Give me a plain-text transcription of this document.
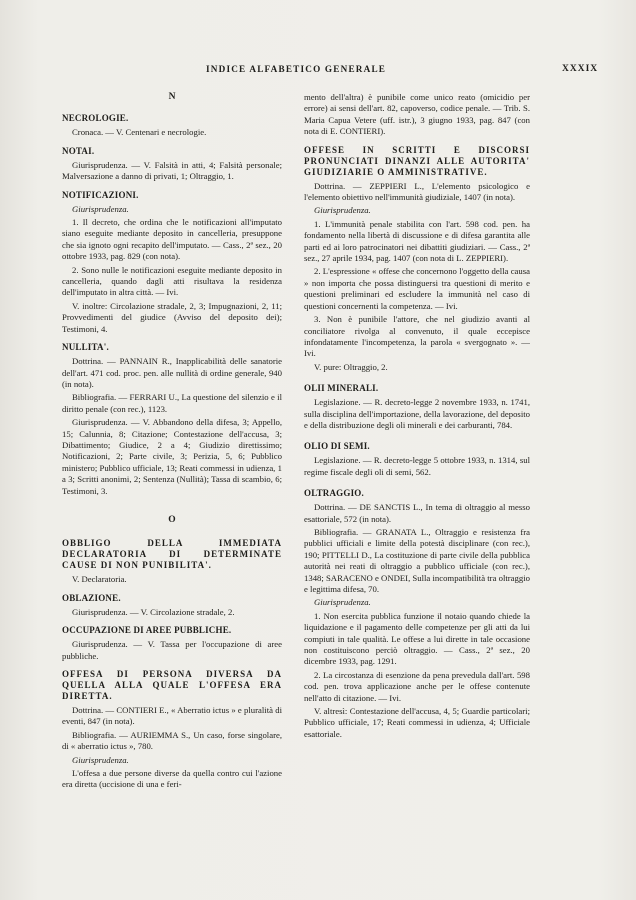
INDICE ALFABETICO GENERALE	XXXIX
N
NECROLOGIE.

Cronaca. — V. Centenari e necrologie.

NOTAI.

Giurisprudenza. — V. Falsità in atti, 4; Falsità personale; Malversazione a danno di privati, 1; Oltraggio, 1.

NOTIFICAZIONI.

Giurisprudenza.

1. Il decreto, che ordina che le notificazioni all'imputato siano eseguite mediante deposito in cancelleria, presuppone che sia ignoto ogni recapito dell'imputato. — Cass., 2ª sez., 20 ottobre 1933, pag. 829 (con nota).

2. Sono nulle le notificazioni eseguite mediante deposito in cancelleria, quando dagli atti risultava la residenza dell'imputato in altra città. — Ivi.

V. inoltre: Circolazione stradale, 2, 3; Impugnazioni, 2, 11; Provvedimenti del giudice (Avviso del deposito dei); Testimoni, 4.

NULLITA'.

Dottrina. — PANNAIN R., Inapplicabilità delle sanatorie dell'art. 471 cod. proc. pen. alle nullità di ordine generale, 940 (in nota).

Bibliografia. — FERRARI U., La questione del silenzio e il diritto penale (con rec.), 1123.

Giurisprudenza. — V. Abbandono della difesa, 3; Appello, 15; Calunnia, 8; Citazione; Contestazione dell'accusa, 3; Dibattimento; Giudice, 2 a 4; Giudizio direttissimo; Notificazioni, 2; Parte civile, 3; Perizia, 5, 6; Pubblico ministero; Pubblico ufficiale, 13; Reati commessi in udienza, 1 a 3; Scritti anonimi, 2; Sentenza (Nullità); Tassa di scambio, 6; Testimoni, 3.

O
OBBLIGO DELLA IMMEDIATA DECLARATORIA DI DETERMINATE CAUSE DI NON PUNIBILITA'.

V. Declaratoria.

OBLAZIONE.

Giurisprudenza. — V. Circolazione stradale, 2.

OCCUPAZIONE DI AREE PUBBLICHE.

Giurisprudenza. — V. Tassa per l'occupazione di aree pubbliche.

OFFESA DI PERSONA DIVERSA DA QUELLA ALLA QUALE L'OFFESA ERA DIRETTA.

Dottrina. — CONTIERI E., « Aberratio ictus » e pluralità di eventi, 847 (in nota).

Bibliografia. — AURIEMMA S., Un caso, forse singolare, di « aberratio ictus », 780.

Giurisprudenza.

L'offesa a due persone diverse da quella contro cui l'azione era diretta (uccisione di una e feri-

mento dell'altra) è punibile come unico reato (omicidio per errore) ai sensi dell'art. 82, capoverso, codice penale. — Trib. S. Maria Capua Vetere (uff. istr.), 3 giugno 1933, pag. 847 (con nota di E. CONTIERI).

OFFESE IN SCRITTI E DISCORSI PRONUNCIATI DINANZI ALLE AUTORITA' GIUDIZIARIE O AMMINISTRATIVE.

Dottrina. — ZEPPIERI L., L'elemento psicologico e l'elemento obiettivo nell'immunità giudiziale, 1407 (in nota).

Giurisprudenza.

1. L'immunità penale stabilita con l'art. 598 cod. pen. ha fondamento nella libertà di discussione e di difesa garantita alle parti ed ai loro patrocinatori nei dibattiti giudiziari. — Cass., 2ª sez., 27 aprile 1934, pag. 1407 (con nota di L. ZEPPIERI).

2. L'espressione « offese che concernono l'oggetto della causa » non importa che possa distinguersi tra questioni di merito e questioni preliminari ed escludere la immunità nel caso di questioni concernenti la competenza. — Ivi.

3. Non è punibile l'attore, che nel giudizio avanti al conciliatore rivolga al convenuto, il quale eccepisce infondatamente l'incompetenza, la parola « svergognato ». — Ivi.

V. pure: Oltraggio, 2.

OLII MINERALI.

Legislazione. — R. decreto-legge 2 novembre 1933, n. 1741, sulla disciplina dell'importazione, della lavorazione, del deposito e della distribuzione degli oli minerali e dei carburanti, 784.

OLIO DI SEMI.

Legislazione. — R. decreto-legge 5 ottobre 1933, n. 1314, sul regime fiscale degli oli di semi, 562.

OLTRAGGIO.

Dottrina. — DE SANCTIS L., In tema di oltraggio al messo esattoriale, 572 (in nota).

Bibliografia. — GRANATA L., Oltraggio e resistenza fra pubblici ufficiali e limite della potestà disciplinare (con rec.), 190; PITTELLI D., La costituzione di parte civile della pubblica autorità nei reati di oltraggio a pubblico ufficiale (con rec.), 1348; SARACENO e ONDEI, Sulla incompatibilità tra oltraggio e legittima difesa, 70.

Giurisprudenza.

1. Non esercita pubblica funzione il notaio quando chiede la liquidazione e il pagamento delle competenze per gli atti da lui compiuti in tale qualità. Le offese a lui dirette in tale occasione non costituiscono perciò oltraggio. — Cass., 2ª sez., 20 dicembre 1933, pag. 1291.

2. La circostanza di esenzione da pena prevedula dall'art. 598 cod. pen. trova applicazione anche per le offese contenute nell'atto di citazione. — Ivi.

V. altresì: Contestazione dell'accusa, 4, 5; Guardie particolari; Pubblico ufficiale, 17; Reati commessi in udienza, 4; Ufficiale esattoriale.
